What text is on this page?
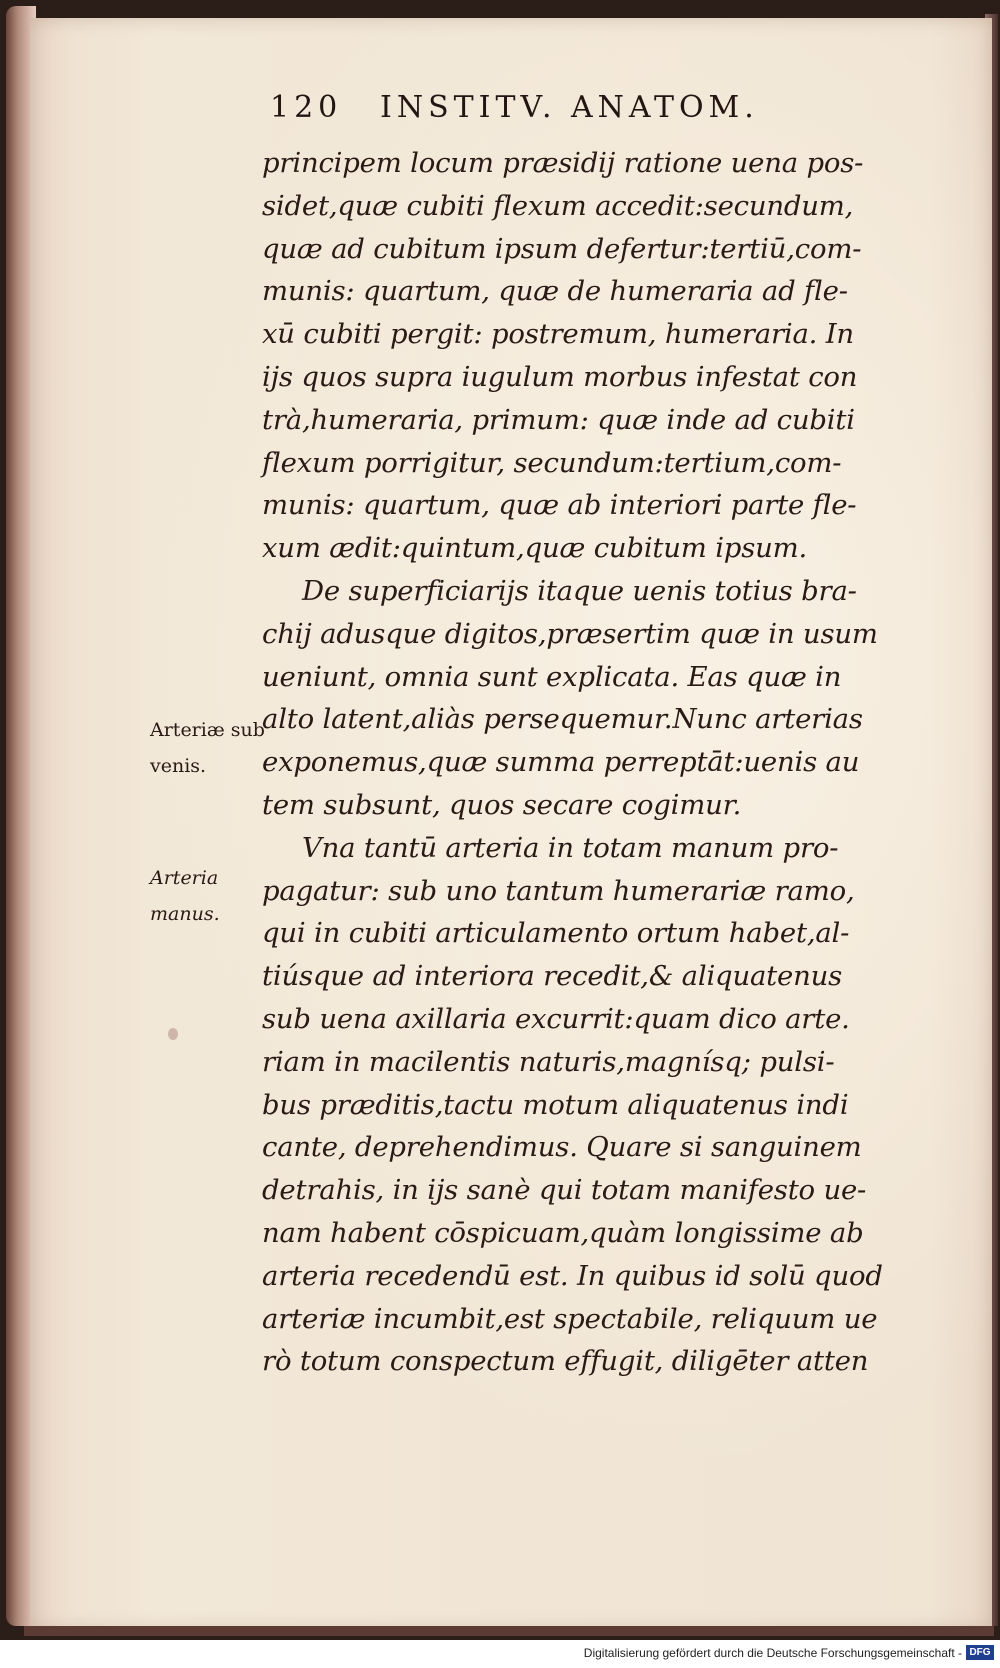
120 INSTITV. ANATOM.
Arteriæ sub
venis.
Arteria
manus.
principem locum præsidij ratione uena pos-
sidet,quæ cubiti flexum accedit:secundum,
quæ ad cubitum ipsum defertur:tertiū,com-
munis: quartum, quæ de humeraria ad fle-
xū cubiti pergit: postremum, humeraria. In
ijs quos supra iugulum morbus infestat con
trà,humeraria, primum: quæ inde ad cubiti
flexum porrigitur, secundum:tertium,com-
munis: quartum, quæ ab interiori parte fle-
xum ædit:quintum,quæ cubitum ipsum.
De superficiarijs itaque uenis totius bra-
chij adusque digitos,præsertim quæ in usum
ueniunt, omnia sunt explicata. Eas quæ in
alto latent,aliàs persequemur.Nunc arterias
exponemus,quæ summa perreptāt:uenis au
tem subsunt, quos secare cogimur.
Vna tantū arteria in totam manum pro-
pagatur: sub uno tantum humerariæ ramo,
qui in cubiti articulamento ortum habet,al-
tiúsque ad interiora recedit,& aliquatenus
sub uena axillaria excurrit:quam dico arte.
riam in macilentis naturis,magnísq; pulsi-
bus præditis,tactu motum aliquatenus indi
cante, deprehendimus. Quare si sanguinem
detrahis, in ijs sanè qui totam manifesto ue-
nam habent cōspicuam,quàm longissime ab
arteria recedendū est. In quibus id solū quod
arteriæ incumbit,est spectabile, reliquum ue
rò totum conspectum effugit, diligēter atten
Digitalisierung gefördert durch die Deutsche Forschungsgemeinschaft - DFG
